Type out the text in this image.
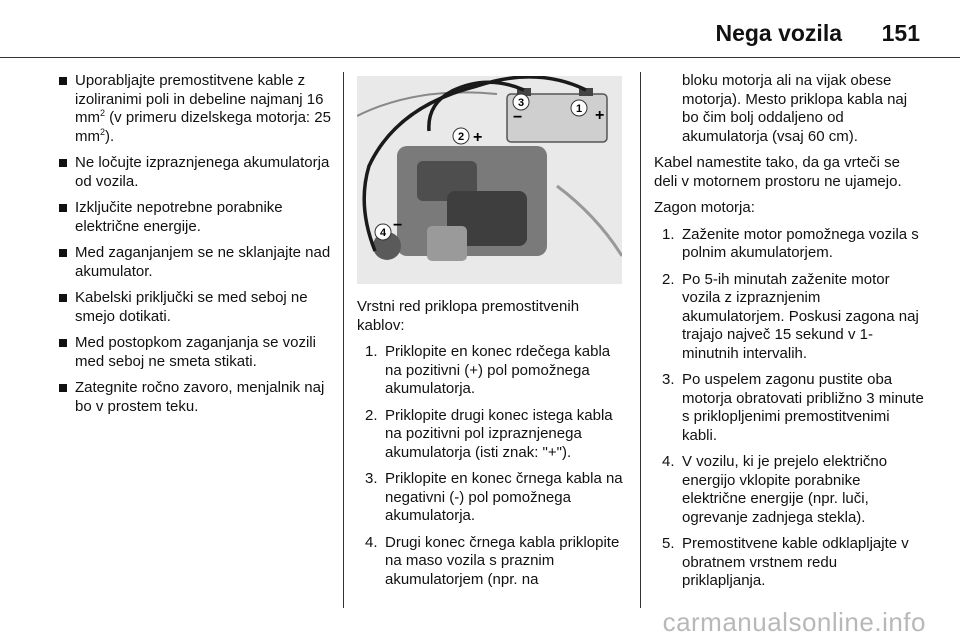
Nega vozila 151
Uporabljajte premostitvene kable z izoliranimi poli in debeline najmanj 16 $mm^2$ (v primeru dizelskega motorja: 25 $mm^2$).
Ne ločujte izpraznjenega akumulatorja od vozila.
Izključite nepotrebne porabnike električne energije.
Med zaganjanjem se ne sklanjajte nad akumulator.
Kabelski priključki se med seboj ne smejo dotikati.
Med postopkom zaganjanja se vozili med seboj ne smeta stikati.
Zategnite ročno zavoro, menjalnik naj bo v prostem teku.
1 +
2 +
3
−
4 −

Vrstni red priklopa premostitvenih kablov:

1. Priklopite en konec rdečega kabla na pozitivni (+) pol pomožnega akumulatorja.
2. Priklopite drugi konec istega kabla na pozitivni pol izpraznjenega akumulatorja (isti znak: "+").
3. Priklopite en konec črnega kabla na negativni (-) pol pomožnega akumulatorja.
4. Drugi konec črnega kabla priklopite na maso vozila s praznim akumulatorjem (npr. na
bloku motorja ali na vijak obese motorja). Mesto priklopa kabla naj bo čim bolj oddaljeno od akumulatorja (vsaj 60 cm).

Kabel namestite tako, da ga vrteči se deli v motornem prostoru ne ujamejo.

Zagon motorja:

1. Zaženite motor pomožnega vozila s polnim akumulatorjem.
2. Po 5-ih minutah zaženite motor vozila z izpraznjenim akumulatorjem. Poskusi zagona naj trajajo največ 15 sekund v 1-minutnih intervalih.
3. Po uspelem zagonu pustite oba motorja obratovati približno 3 minute s priklopljenimi premostitvenimi kabli.
4. V vozilu, ki je prejelo električno energijo vklopite porabnike električne energije (npr. luči, ogrevanje zadnjega stekla).
5. Premostitvene kable odklapljajte v obratnem vrstnem redu priklapljanja.
carmanualsonline.info
